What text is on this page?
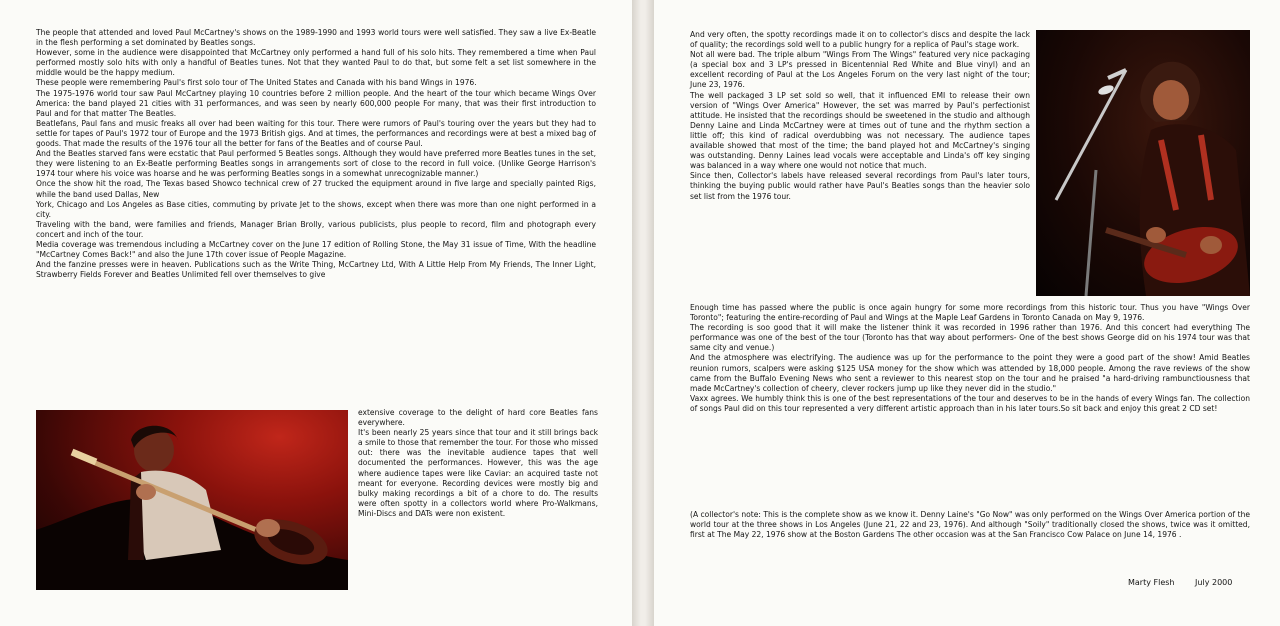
The people that attended and loved Paul McCartney's shows on the 1989-1990 and 1993 world tours were well satisfied. They saw a live Ex-Beatle in the flesh performing a set dominated by Beatles songs.

However, some in the audience were disappointed that McCartney only performed a hand full of his solo hits. They remembered a time when Paul performed mostly solo hits with only a handful of Beatles tunes. Not that they wanted Paul to do that, but some felt a set list somewhere in the middle would be the happy medium.

These people were remembering Paul's first solo tour of The United States and Canada with his band Wings in 1976.

The 1975-1976 world tour saw Paul McCartney playing 10 countries before 2 million people. And the heart of the tour which became Wings Over America: the band played 21 cities with 31 performances, and was seen by nearly 600,000 people For many, that was their first introduction to Paul and for that matter The Beatles.

Beatlefans, Paul fans and music freaks all over had been waiting for this tour. There were rumors of Paul's touring over the years but they had to settle for tapes of Paul's 1972 tour of Europe and the 1973 British gigs. And at times, the performances and recordings were at best a mixed bag of goods. That made the results of the 1976 tour all the better for fans of the Beatles and of course Paul.

And the Beatles starved fans were ecstatic that Paul performed 5 Beatles songs. Although they would have preferred more Beatles tunes in the set, they were listening to an Ex-Beatle performing Beatles songs in arrangements sort of close to the record in full voice. (Unlike George Harrison's 1974 tour where his voice was hoarse and he was performing Beatles songs in a somewhat unrecognizable manner.)

Once the show hit the road, The Texas based Showco technical crew of 27 trucked the equipment around in five large and specially painted Rigs, while the band used Dallas, New

York, Chicago and Los Angeles as Base cities, commuting by private Jet to the shows, except when there was more than one night performed in a city.

Traveling with the band, were families and friends, Manager Brian Brolly, various publicists, plus people to record, film and photograph every concert and inch of the tour.

Media coverage was tremendous including a McCartney cover on the June 17 edition of Rolling Stone, the May 31 issue of Time, With the headline "McCartney Comes Back!" and also the June 17th cover issue of People Magazine.

And the fanzine presses were in heaven. Publications such as the Write Thing, McCartney Ltd, With A Little Help From My Friends, The Inner Light, Strawberry Fields Forever and Beatles Unlimited fell over themselves to give

extensive coverage to the delight of hard core Beatles fans everywhere.

It's been nearly 25 years since that tour and it still brings back a smile to those that remember the tour. For those who missed out: there was the inevitable audience tapes that well documented the performances. However, this was the age where audience tapes were like Caviar: an acquired taste not meant for everyone. Recording devices were mostly big and bulky making recordings a bit of a chore to do. The results were often spotty in a collectors world where Pro-Walkmans, Mini-Discs and DATs were non existent.

And very often, the spotty recordings made it on to collector's discs and despite the lack of quality; the recordings sold well to a public hungry for a replica of Paul's stage work.

Not all were bad. The triple album "Wings From The Wings" featured very nice packaging (a special box and 3 LP's pressed in Bicentennial Red White and Blue vinyl) and an excellent recording of Paul at the Los Angeles Forum on the very last night of the tour; June 23, 1976.

The well packaged 3 LP set sold so well, that it influenced EMI to release their own version of "Wings Over America" However, the set was marred by Paul's perfectionist attitude. He insisted that the recordings should be sweetened in the studio and although Denny Laine and Linda McCartney were at times out of tune and the rhythm section a little off; this kind of radical overdubbing was not necessary. The audience tapes available showed that most of the time; the band played hot and McCartney's singing was outstanding. Denny Laines lead vocals were acceptable and Linda's off key singing was balanced in a way where one would not notice that much.

Since then, Collector's labels have released several recordings from Paul's later tours, thinking the buying public would rather have Paul's Beatles songs than the heavier solo set list from the 1976 tour.

Enough time has passed where the public is once again hungry for some more recordings from this historic tour. Thus you have "Wings Over Toronto"; featuring the entire-recording of Paul and Wings at the Maple Leaf Gardens in Toronto Canada on May 9, 1976.

The recording is soo good that it will make the listener think it was recorded in 1996 rather than 1976. And this concert had everything The performance was one of the best of the tour (Toronto has that way about performers- One of the best shows George did on his 1974 tour was that same city and venue.)

And the atmosphere was electrifying. The audience was up for the performance to the point they were a good part of the show! Amid Beatles reunion rumors, scalpers were asking $125 USA money for the show which was attended by 18,000 people. Among the rave reviews of the show came from the Buffalo Evening News who sent a reviewer to this nearest stop on the tour and he praised "a hard-driving rambunctiousness that made McCartney's collection of cheery, clever rockers jump up like they never did in the studio."

Vaxx agrees. We humbly think this is one of the best representations of the tour and deserves to be in the hands of every Wings fan. The collection of songs Paul did on this tour represented a very different artistic approach than in his later tours.So sit back and enjoy this great 2 CD set!

(A collector's note: This is the complete show as we know it. Denny Laine's "Go Now" was only performed on the Wings Over America portion of the world tour at the three shows in Los Angeles (June 21, 22 and 23, 1976). And although "Soily" traditionally closed the shows, twice was it omitted, first at The May 22, 1976 show at the Boston Gardens The other occasion was at the San Francisco Cow Palace on June 14, 1976 .

Marty Flesh	July 2000
